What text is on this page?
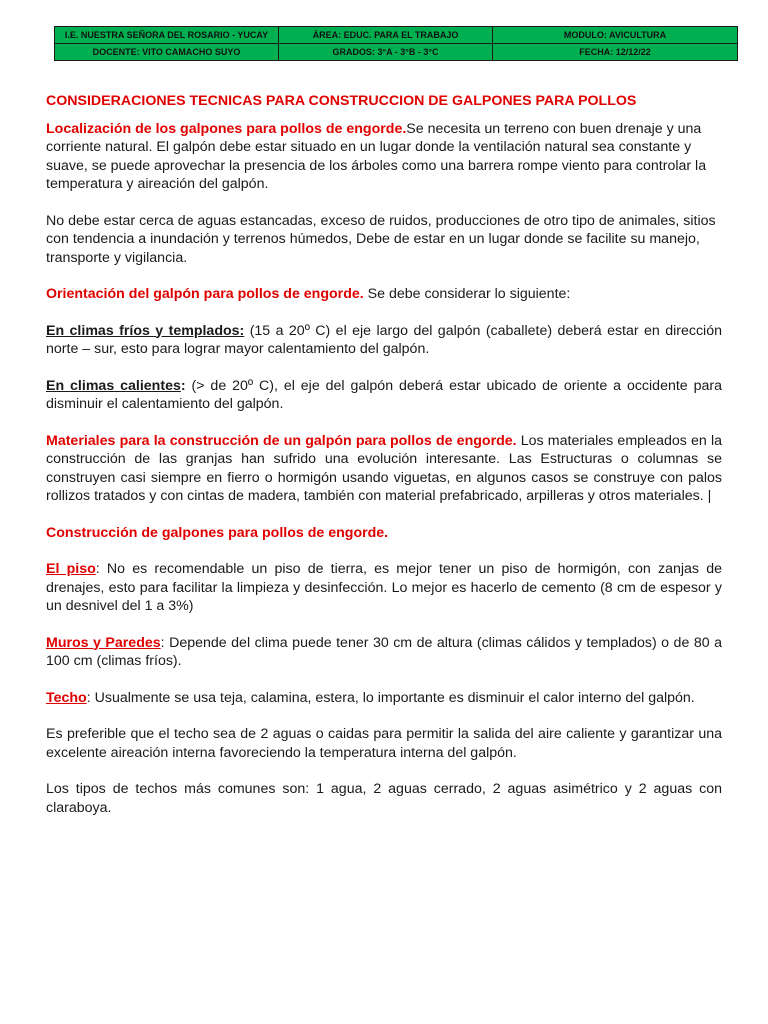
I.E. NUESTRA SEÑORA DEL ROSARIO - YUCAY	ÁREA: EDUC. PARA EL TRABAJO	MODULO: AVICULTURA
DOCENTE: VITO CAMACHO SUYO	GRADOS: 3°A - 3°B - 3°C	FECHA: 12/12/22

CONSIDERACIONES TECNICAS PARA CONSTRUCCION DE GALPONES PARA POLLOS

Localización de los galpones para pollos de engorde.Se necesita un terreno con buen drenaje y una corriente natural. El galpón debe estar situado en un lugar donde la ventilación natural sea constante y suave, se puede aprovechar la presencia de los árboles como una barrera rompe viento para controlar la temperatura y aireación del galpón.

No debe estar cerca de aguas estancadas, exceso de ruidos, producciones de otro tipo de animales, sitios con tendencia a inundación y terrenos húmedos, Debe de estar en un lugar donde se facilite su manejo, transporte y vigilancia.

Orientación del galpón para pollos de engorde. Se debe considerar lo siguiente:

En climas fríos y templados: (15 a 20º C) el eje largo del galpón (caballete) deberá estar en dirección norte – sur, esto para lograr mayor calentamiento del galpón.

En climas calientes: (> de 20º C), el eje del galpón deberá estar ubicado de oriente a occidente para disminuir el calentamiento del galpón.

Materiales para la construcción de un galpón para pollos de engorde. Los materiales empleados en la construcción de las granjas han sufrido una evolución interesante. Las Estructuras o columnas se construyen casi siempre en fierro o hormigón usando viguetas, en algunos casos se construye con palos rollizos tratados y con cintas de madera, también con material prefabricado, arpilleras y otros materiales. |

Construcción de galpones para pollos de engorde.

El piso: No es recomendable un piso de tierra, es mejor tener un piso de hormigón, con zanjas de drenajes, esto para facilitar la limpieza y desinfección. Lo mejor es hacerlo de cemento (8 cm de espesor y un desnivel del 1 a 3%)

Muros y Paredes: Depende del clima puede tener 30 cm de altura (climas cálidos y templados) o de 80 a 100 cm (climas fríos).

Techo: Usualmente se usa teja, calamina, estera, lo importante es disminuir el calor interno del galpón.

Es preferible que el techo sea de 2 aguas o caidas para permitir la salida del aire caliente y garantizar una excelente aireación interna favoreciendo la temperatura interna del galpón.

Los tipos de techos más comunes son: 1 agua, 2 aguas cerrado, 2 aguas asimétrico y 2 aguas con claraboya.
